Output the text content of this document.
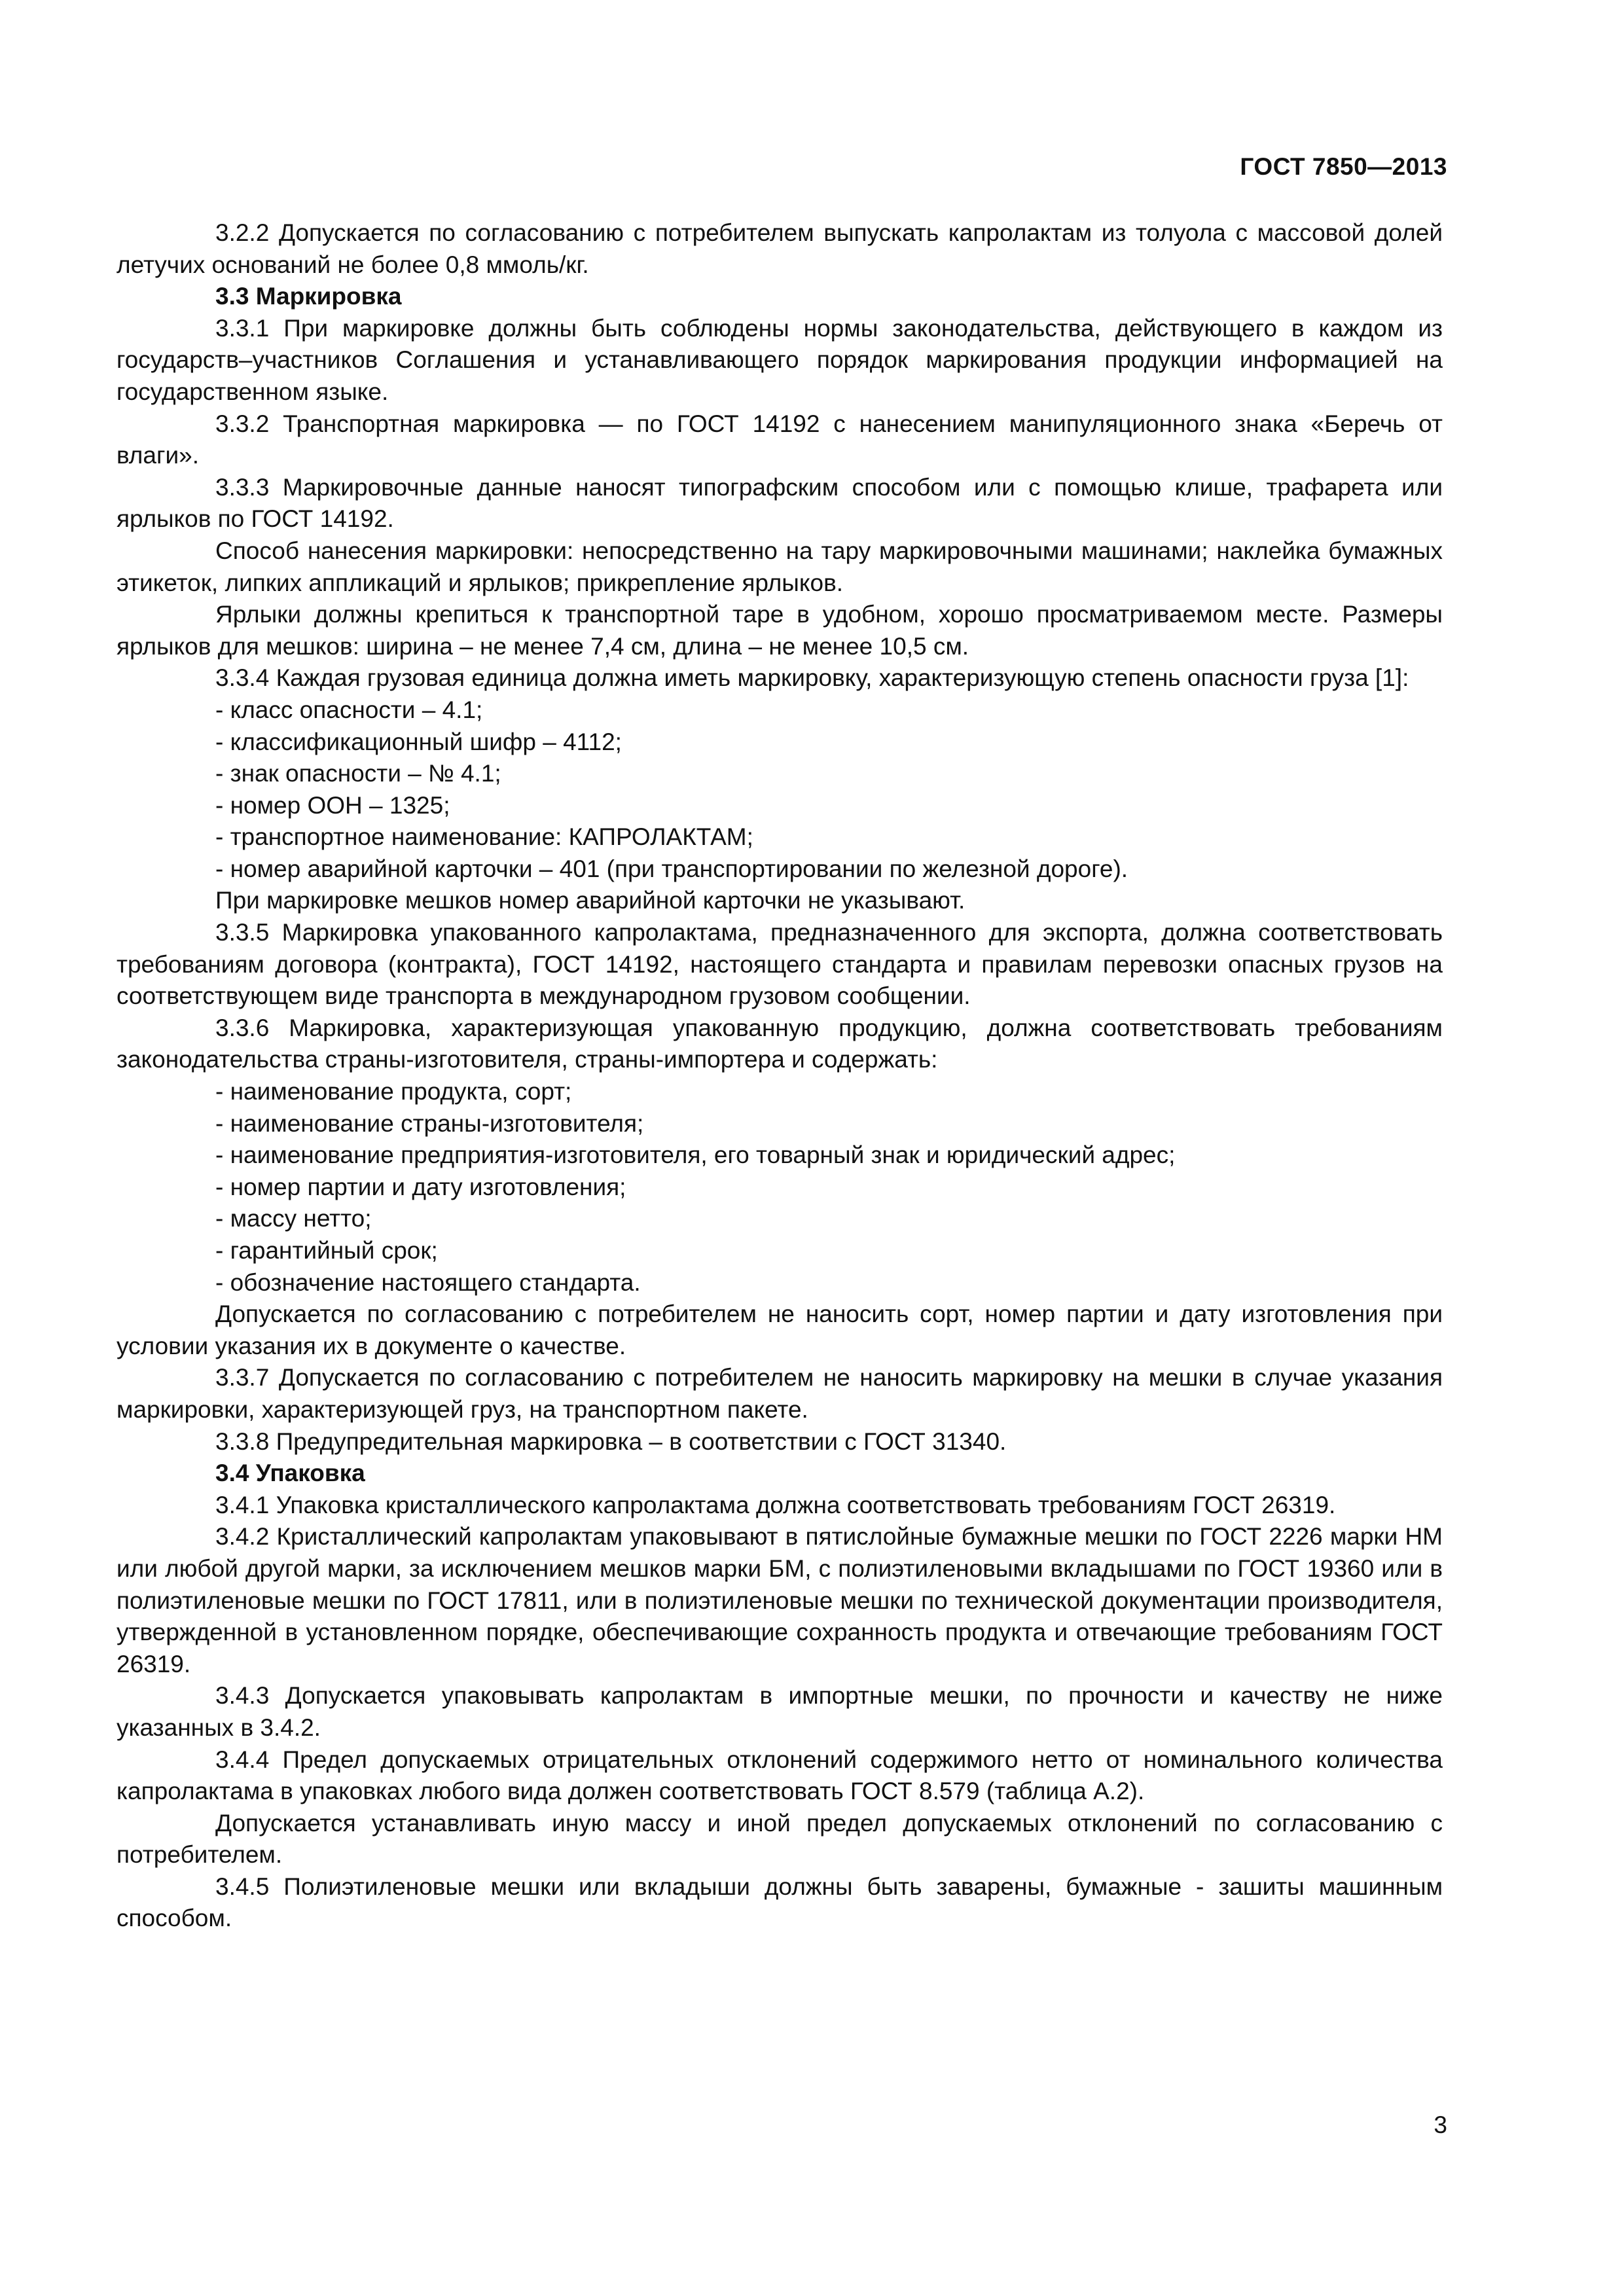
ГОСТ 7850—2013

3.2.2 Допускается по согласованию с потребителем выпускать капролактам из толуола с массовой долей летучих оснований не более 0,8 ммоль/кг.

3.3 Маркировка

3.3.1 При маркировке должны быть соблюдены нормы законодательства, действующего в каждом из государств–участников Соглашения и устанавливающего порядок маркирования продукции информацией на государственном языке.

3.3.2 Транспортная маркировка — по ГОСТ 14192 с нанесением манипуляционного знака «Беречь от влаги».

3.3.3 Маркировочные данные наносят типографским способом или с помощью клише, трафарета или ярлыков по ГОСТ 14192.

Способ нанесения маркировки: непосредственно на тару маркировочными машинами; наклейка бумажных этикеток, липких аппликаций и ярлыков; прикрепление ярлыков.

Ярлыки должны крепиться к транспортной таре в удобном, хорошо просматриваемом месте. Размеры ярлыков для мешков: ширина – не менее 7,4 см, длина – не менее 10,5 см.

3.3.4 Каждая грузовая единица должна иметь маркировку, характеризующую степень опасности груза [1]:

- класс опасности – 4.1;

- классификационный шифр – 4112;

- знак опасности – № 4.1;

- номер ООН – 1325;

- транспортное наименование: КАПРОЛАКТАМ;

- номер аварийной карточки – 401 (при транспортировании по железной дороге).

При маркировке мешков номер аварийной карточки не указывают.

3.3.5 Маркировка упакованного капролактама, предназначенного для экспорта, должна соответствовать требованиям договора (контракта), ГОСТ 14192, настоящего стандарта и правилам перевозки опасных грузов на соответствующем виде транспорта в международном грузовом сообщении.

3.3.6 Маркировка, характеризующая упакованную продукцию, должна соответствовать требованиям законодательства страны-изготовителя, страны-импортера и содержать:

- наименование продукта, сорт;

- наименование страны-изготовителя;

- наименование предприятия-изготовителя, его товарный знак и юридический адрес;

- номер партии и дату изготовления;

- массу нетто;

- гарантийный срок;

- обозначение настоящего стандарта.

Допускается по согласованию с потребителем не наносить сорт, номер партии и дату изготовления при условии указания их в документе о качестве.

3.3.7 Допускается по согласованию с потребителем не наносить маркировку на мешки в случае указания маркировки, характеризующей груз, на транспортном пакете.

3.3.8 Предупредительная маркировка – в соответствии с ГОСТ 31340.

3.4 Упаковка

3.4.1 Упаковка кристаллического капролактама должна соответствовать требованиям ГОСТ 26319.

3.4.2 Кристаллический капролактам упаковывают в пятислойные бумажные мешки по ГОСТ 2226 марки НМ или любой другой марки, за исключением мешков марки БМ, с полиэтиленовыми вкладышами по ГОСТ 19360 или в полиэтиленовые мешки по ГОСТ 17811, или в полиэтиленовые мешки по технической документации производителя, утвержденной в установленном порядке, обеспечивающие сохранность продукта и отвечающие требованиям ГОСТ 26319.

3.4.3 Допускается упаковывать капролактам в импортные мешки, по прочности и качеству не ниже указанных в 3.4.2.

3.4.4 Предел допускаемых отрицательных отклонений содержимого нетто от номинального количества капролактама в упаковках любого вида должен соответствовать ГОСТ 8.579 (таблица А.2).

Допускается устанавливать иную массу и иной предел допускаемых отклонений по согласованию с потребителем.

3.4.5 Полиэтиленовые мешки или вкладыши должны быть заварены, бумажные - зашиты машинным способом.

3
